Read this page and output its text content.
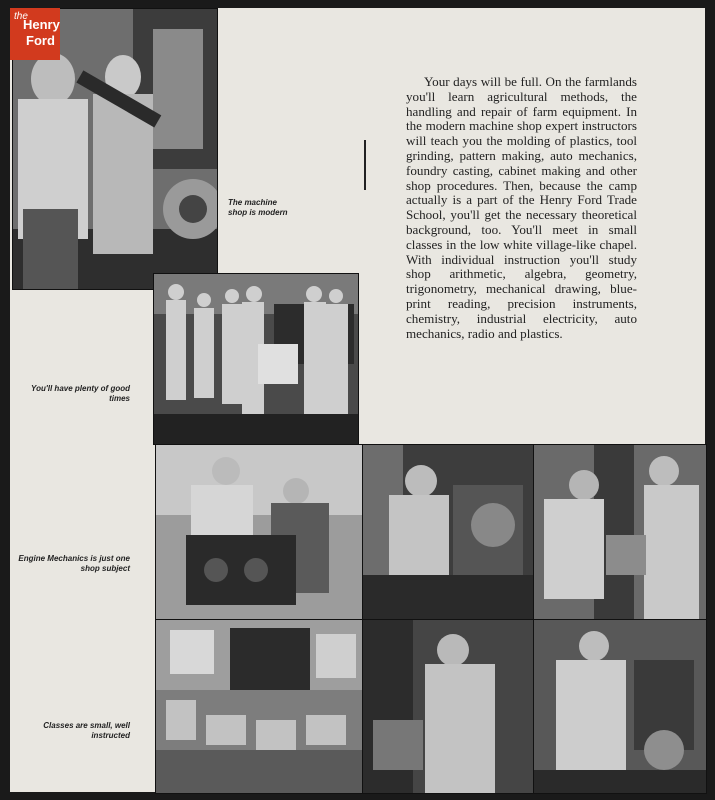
the
Henry
Ford
The machine shop is modern
You'll have plenty of good times
Engine Mechanics is just one shop subject
Classes are small, well instructed
Your days will be full. On the farmlands you'll learn agricultural methods, the handling and repair of farm equipment. In the modern machine shop expert instructors will teach you the molding of plastics, tool grinding, pattern making, auto mechanics, foundry casting, cabinet making and other shop procedures. Then, because the camp actually is a part of the Henry Ford Trade School, you'll get the necessary theoretical background, too. You'll meet in small classes in the low white village-like chapel. With individual instruction you'll study shop arithmetic, algebra, geometry, trigonometry, mechanical drawing, blue-print reading, precision instruments, chemistry, industrial electricity, auto mechanics, radio and plastics.
